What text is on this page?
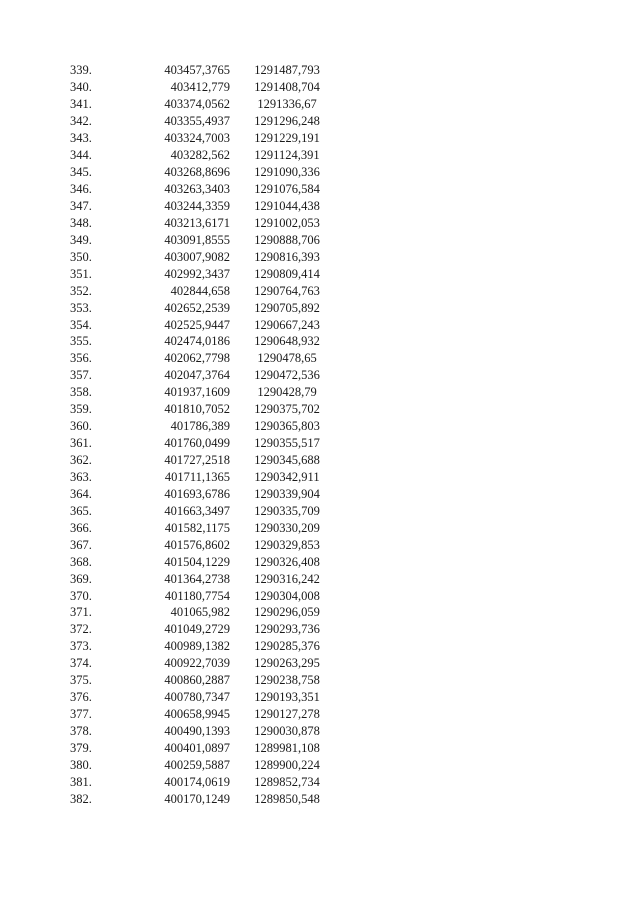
339.	403457,3765	1291487,793
340.	403412,779	1291408,704
341.	403374,0562	1291336,67
342.	403355,4937	1291296,248
343.	403324,7003	1291229,191
344.	403282,562	1291124,391
345.	403268,8696	1291090,336
346.	403263,3403	1291076,584
347.	403244,3359	1291044,438
348.	403213,6171	1291002,053
349.	403091,8555	1290888,706
350.	403007,9082	1290816,393
351.	402992,3437	1290809,414
352.	402844,658	1290764,763
353.	402652,2539	1290705,892
354.	402525,9447	1290667,243
355.	402474,0186	1290648,932
356.	402062,7798	1290478,65
357.	402047,3764	1290472,536
358.	401937,1609	1290428,79
359.	401810,7052	1290375,702
360.	401786,389	1290365,803
361.	401760,0499	1290355,517
362.	401727,2518	1290345,688
363.	401711,1365	1290342,911
364.	401693,6786	1290339,904
365.	401663,3497	1290335,709
366.	401582,1175	1290330,209
367.	401576,8602	1290329,853
368.	401504,1229	1290326,408
369.	401364,2738	1290316,242
370.	401180,7754	1290304,008
371.	401065,982	1290296,059
372.	401049,2729	1290293,736
373.	400989,1382	1290285,376
374.	400922,7039	1290263,295
375.	400860,2887	1290238,758
376.	400780,7347	1290193,351
377.	400658,9945	1290127,278
378.	400490,1393	1290030,878
379.	400401,0897	1289981,108
380.	400259,5887	1289900,224
381.	400174,0619	1289852,734
382.	400170,1249	1289850,548
